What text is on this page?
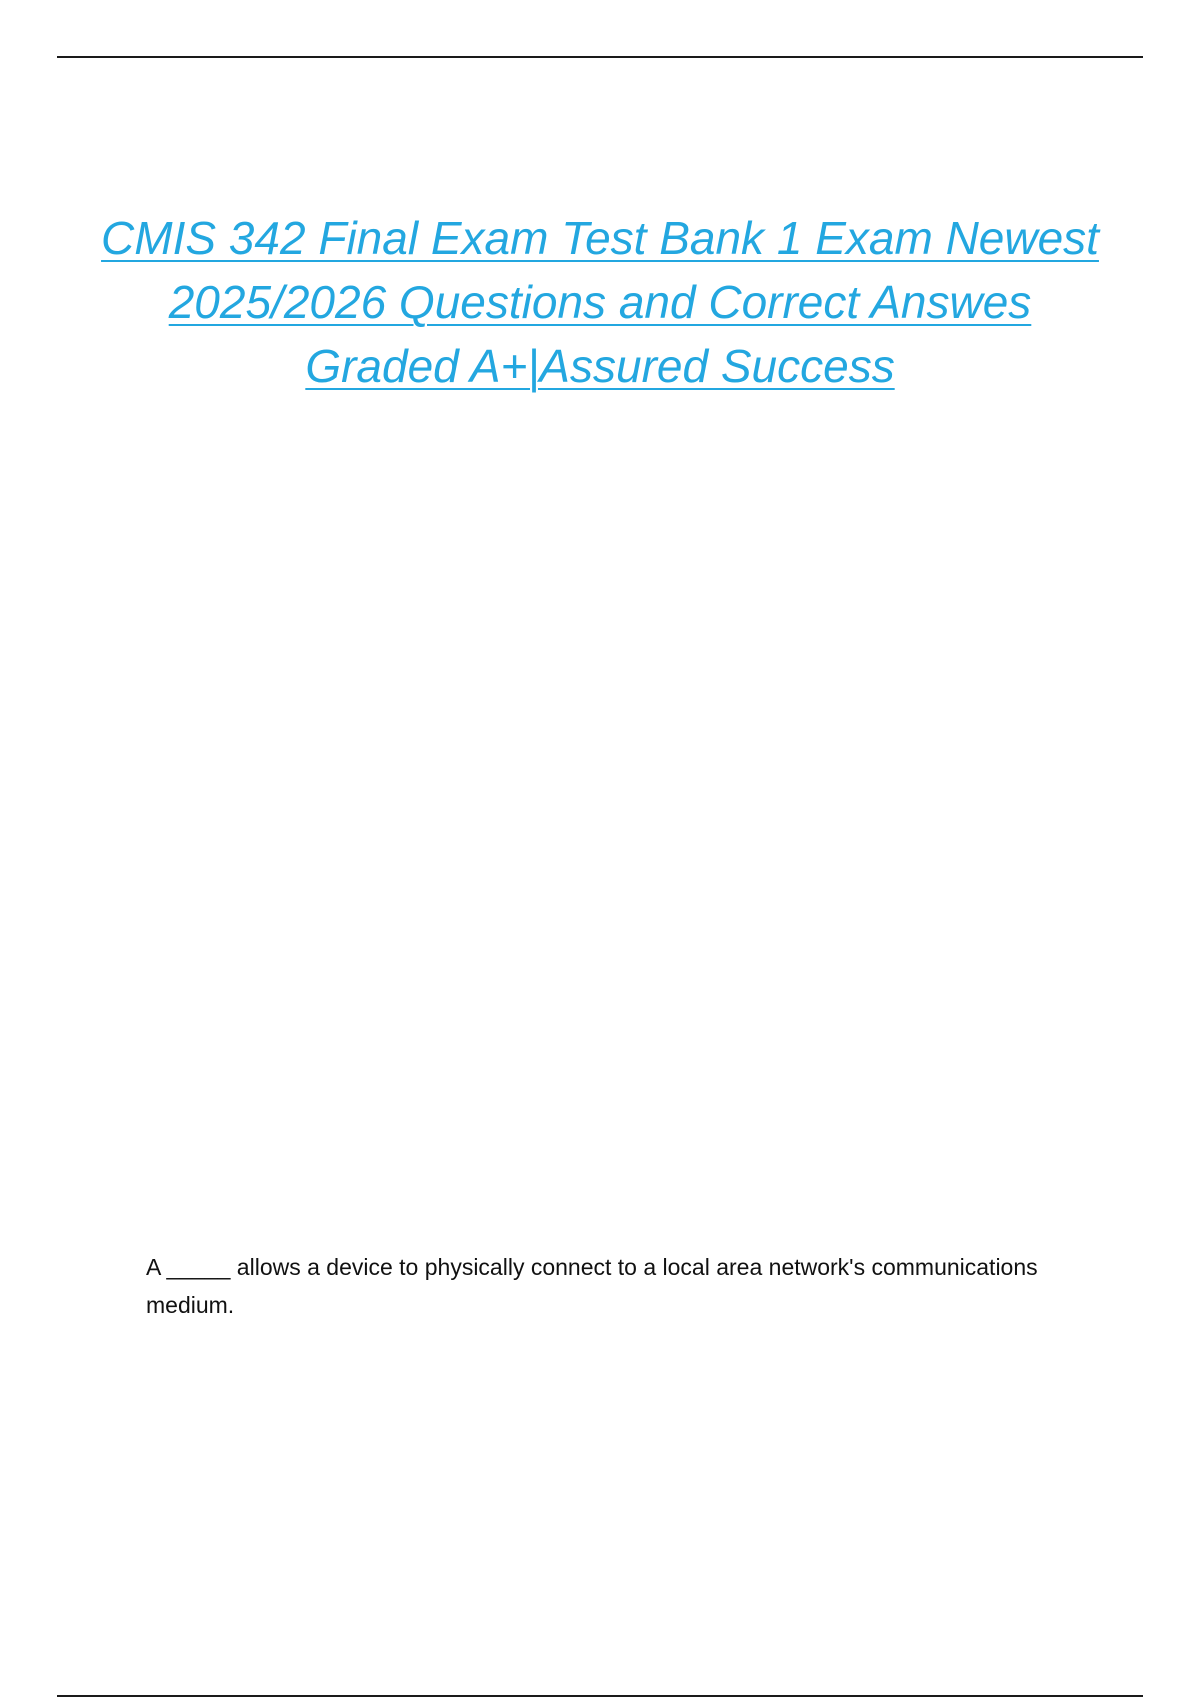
CMIS 342 Final Exam Test Bank 1 Exam Newest 2025/2026 Questions and Correct Answes Graded A+|Assured Success

A _____ allows a device to physically connect to a local area network's communications medium.
